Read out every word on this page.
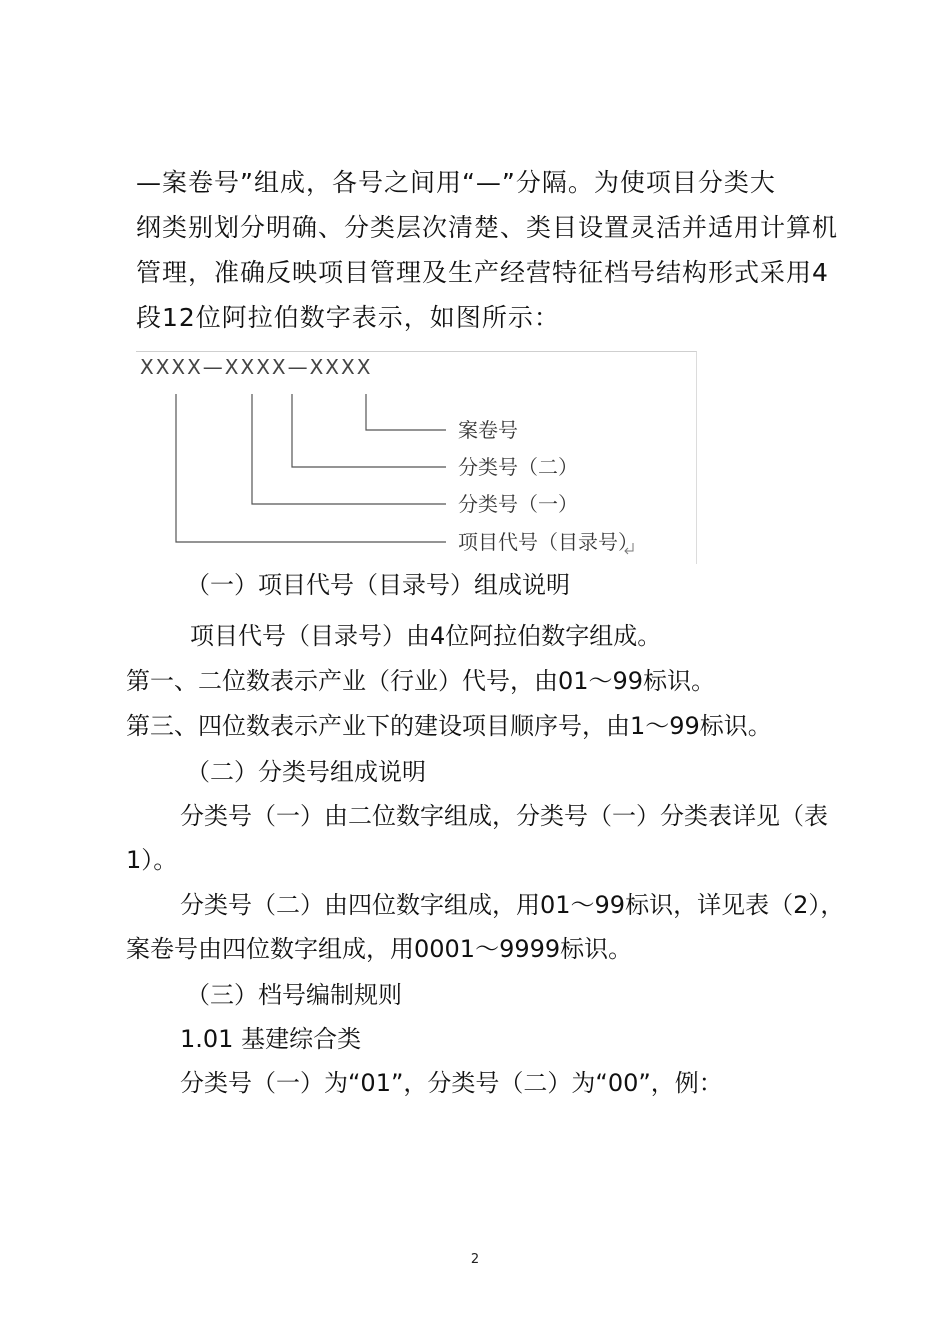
—案卷号”组成，各号之间用“—”分隔。为使项目分类大
纲类别划分明确、分类层次清楚、类目设置灵活并适用计算机
管理，准确反映项目管理及生产经营特征档号结构形式采用4
段12位阿拉伯数字表示，如图所示：
XXXX—XXXX—XXXX
案卷号
分类号（二）
分类号（一）
项目代号（目录号）
（一）项目代号（目录号）组成说明
项目代号（目录号）由4位阿拉伯数字组成。
第一、二位数表示产业（行业）代号，由01～99标识。
第三、四位数表示产业下的建设项目顺序号，由1～99标识。
（二）分类号组成说明
分类号（一）由二位数字组成，分类号（一）分类表详见（表
1）。
分类号（二）由四位数字组成，用01～99标识，详见表（2），
案卷号由四位数字组成，用0001～9999标识。
（三）档号编制规则
1.01 基建综合类
分类号（一）为“01”，分类号（二）为“00”，例：
2
